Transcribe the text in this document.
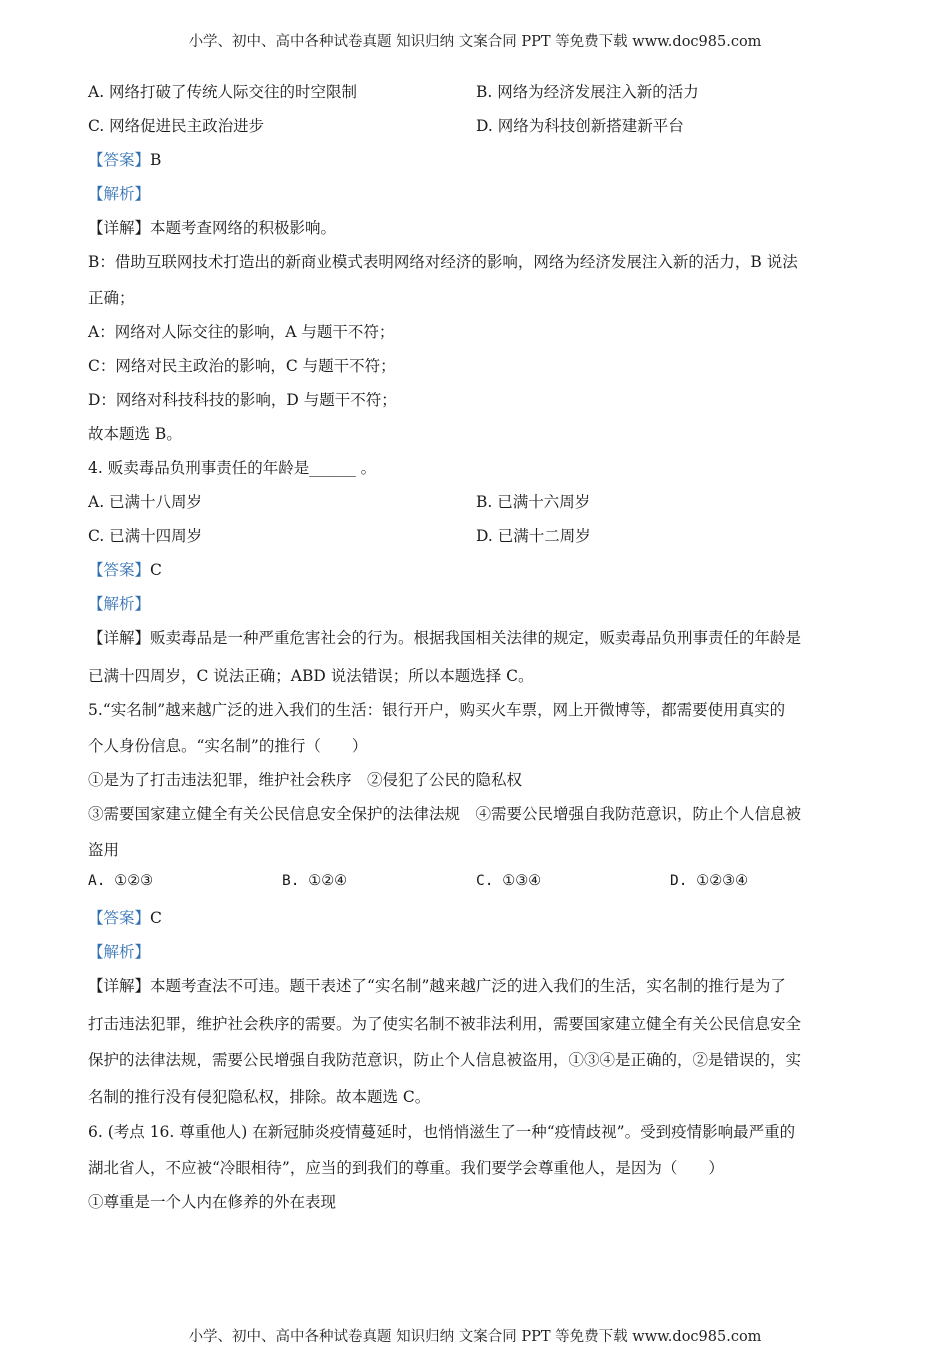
小学、初中、高中各种试卷真题 知识归纳 文案合同 PPT 等免费下载 www.doc985.com
A. 网络打破了传统人际交往的时空限制	B. 网络为经济发展注入新的活力
C. 网络促进民主政治进步	D. 网络为科技创新搭建新平台
【答案】B
【解析】
【详解】本题考查网络的积极影响。
B：借助互联网技术打造出的新商业模式表明网络对经济的影响，网络为经济发展注入新的活力，B 说法
正确；
A：网络对人际交往的影响，A 与题干不符；
C：网络对民主政治的影响，C 与题干不符；
D：网络对科技科技的影响，D 与题干不符；
故本题选 B。
4. 贩卖毒品负刑事责任的年龄是______ 。
A. 已满十八周岁	B. 已满十六周岁
C. 已满十四周岁	D. 已满十二周岁
【答案】C
【解析】
【详解】贩卖毒品是一种严重危害社会的行为。根据我国相关法律的规定，贩卖毒品负刑事责任的年龄是
已满十四周岁，C 说法正确；ABD 说法错误；所以本题选择 C。
5.“实名制”越来越广泛的进入我们的生活：银行开户，购买火车票，网上开微博等，都需要使用真实的
个人身份信息。“实名制”的推行（　　）
①是为了打击违法犯罪，维护社会秩序　②侵犯了公民的隐私权
③需要国家建立健全有关公民信息安全保护的法律法规　④需要公民增强自我防范意识，防止个人信息被
盗用
A. ①②③	B. ①②④	C. ①③④	D. ①②③④
【答案】C
【解析】
【详解】本题考查法不可违。题干表述了“实名制”越来越广泛的进入我们的生活，实名制的推行是为了
打击违法犯罪，维护社会秩序的需要。为了使实名制不被非法利用，需要国家建立健全有关公民信息安全
保护的法律法规，需要公民增强自我防范意识，防止个人信息被盗用，①③④是正确的，②是错误的，实
名制的推行没有侵犯隐私权，排除。故本题选 C。
6. (考点 16. 尊重他人) 在新冠肺炎疫情蔓延时，也悄悄滋生了一种“疫情歧视”。受到疫情影响最严重的
湖北省人，不应被“冷眼相待”，应当的到我们的尊重。我们要学会尊重他人，是因为（　　）
①尊重是一个人内在修养的外在表现
小学、初中、高中各种试卷真题 知识归纳 文案合同 PPT 等免费下载 www.doc985.com
